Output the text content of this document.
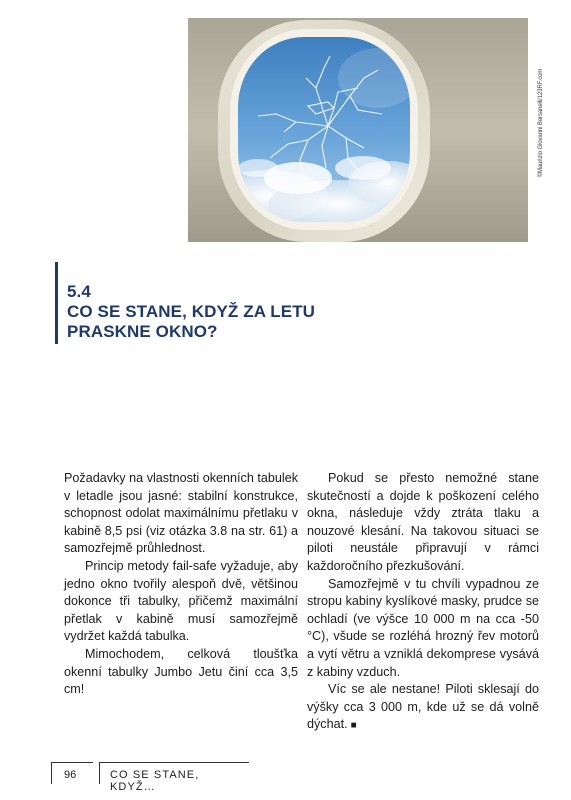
©Maurizio Giovanni Bersanelli/123RF.com
5.4
CO SE STANE, KDYŽ ZA LETU
PRASKNE OKNO?

Požadavky na vlastnosti okenních tabulek v letadle jsou jasné: stabilní konstrukce, schopnost odolat maximálnímu přetlaku v kabině 8,5 psi (viz otázka 3.8 na str. 61) a samozřejmě průhlednost.

Princip metody fail-safe vyžaduje, aby jedno okno tvořily alespoň dvě, většinou dokonce tři tabulky, přičemž maximální přetlak v kabině musí samozřejmě vydržet každá tabulka.

Mimochodem, celková tloušťka okenní tabulky Jumbo Jetu činí cca 3,5 cm!

Pokud se přesto nemožné stane skutečností a dojde k poškození celého okna, následuje vždy ztráta tlaku a nouzové klesání. Na takovou situaci se piloti neustále připravují v rámci každoročního přezkušování.

Samozřejmě v tu chvíli vypadnou ze stropu kabiny kyslíkové masky, prudce se ochladí (ve výšce 10 000 m na cca -50 °C), všude se rozléhá hrozný řev motorů a vytí větru a vzniklá dekomprese vysává z kabiny vzduch.

Víc se ale nestane! Piloti sklesají do výšky cca 3 000 m, kde už se dá volně dýchat. ■

96	CO SE STANE, KDYŽ…
